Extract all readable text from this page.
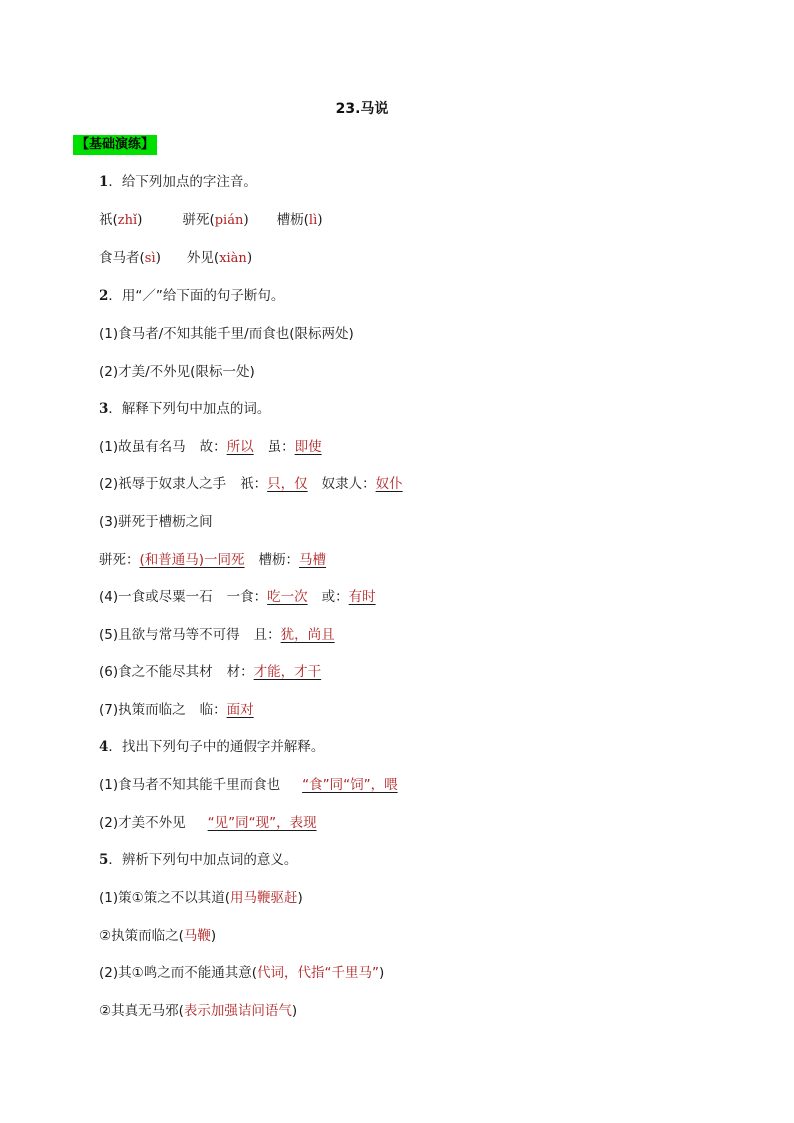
23.马说
【基础演练】
1．给下列加点的字注音。
祇(zhǐ)	骈死(pián) 槽枥(lì)
食马者(sì) 外见(xiàn)
2．用“／”给下面的句子断句。
(1)食马者/不知其能千里/而食也(限标两处)
(2)才美/不外见(限标一处)
3．解释下列句中加点的词。
(1)故虽有名马 故：所以 虽：即使
(2)祇辱于奴隶人之手 祇：只，仅 奴隶人：奴仆
(3)骈死于槽枥之间
骈死：(和普通马)一同死 槽枥：马槽
(4)一食或尽粟一石 一食：吃一次 或：有时
(5)且欲与常马等不可得 且：犹，尚且
(6)食之不能尽其材 材：才能，才干
(7)执策而临之 临：面对
4．找出下列句子中的通假字并解释。
(1)食马者不知其能千里而食也 “食”同“饲”，喂
(2)才美不外见 “见”同“现”，表现
5．辨析下列句中加点词的意义。
(1)策①策之不以其道(用马鞭驱赶)
②执策而临之(马鞭)
(2)其①鸣之而不能通其意(代词，代指“千里马”)
②其真无马邪(表示加强诘问语气)
